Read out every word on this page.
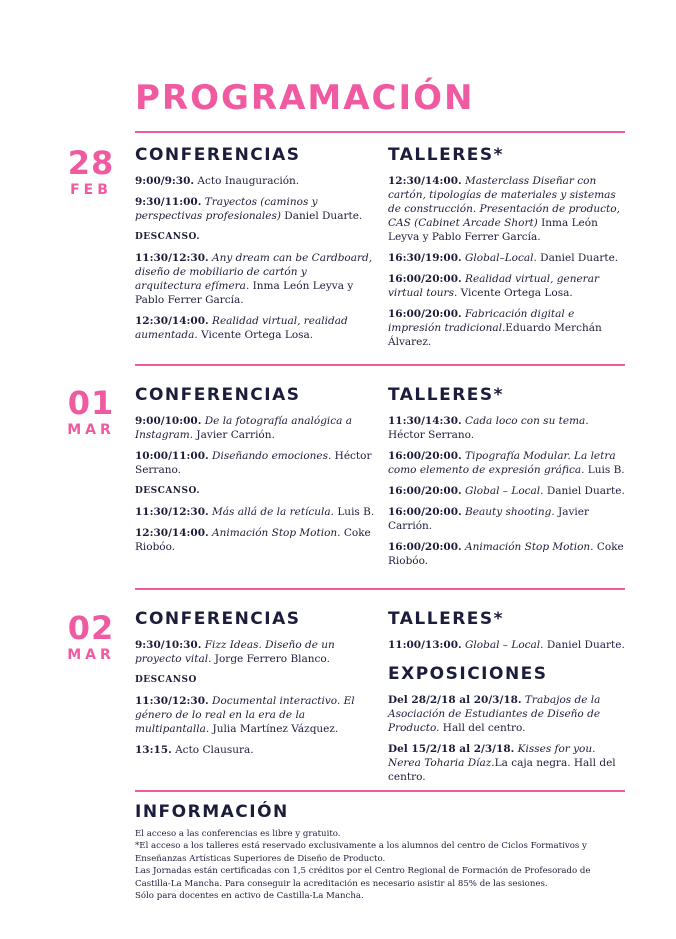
PROGRAMACIÓN
28
FEB
CONFERENCIAS
9:00/9:30. Acto Inauguración.
9:30/11:00. Trayectos (caminos y perspectivas profesionales) Daniel Duarte.
DESCANSO.
11:30/12:30. Any dream can be Cardboard, diseño de mobiliario de cartón y arquitectura efímera. Inma León Leyva y Pablo Ferrer García.
12:30/14:00. Realidad virtual, realidad aumentada. Vicente Ortega Losa.
TALLERES*
12:30/14:00. Masterclass Diseñar con cartón, tipologías de materiales y sistemas de construcción. Presentación de producto, CAS (Cabinet Arcade Short) Inma León Leyva y Pablo Ferrer García.
16:30/19:00. Global–Local. Daniel Duarte.
16:00/20:00. Realidad virtual, generar virtual tours. Vicente Ortega Losa.
16:00/20:00. Fabricación digital e impresión tradicional.Eduardo Merchán Álvarez.
01
MAR
CONFERENCIAS
9:00/10:00. De la fotografía analógica a Instagram. Javier Carrión.
10:00/11:00. Diseñando emociones. Héctor Serrano.
DESCANSO.
11:30/12:30. Más allá de la retícula. Luis B.
12:30/14:00. Animación Stop Motion. Coke Riobóo.
TALLERES*
11:30/14:30. Cada loco con su tema. Héctor Serrano.
16:00/20:00. Tipografía Modular. La letra como elemento de expresión gráfica. Luis B.
16:00/20:00. Global – Local. Daniel Duarte.
16:00/20:00. Beauty shooting. Javier Carrión.
16:00/20:00. Animación Stop Motion. Coke Riobóo.
02
MAR
CONFERENCIAS
9:30/10:30. Fizz Ideas. Diseño de un proyecto vital. Jorge Ferrero Blanco.
DESCANSO
11:30/12:30. Documental interactivo. El género de lo real en la era de la multipantalla. Julia Martínez Vázquez.
13:15. Acto Clausura.
TALLERES*
11:00/13:00. Global – Local. Daniel Duarte.
EXPOSICIONES
Del 28/2/18 al 20/3/18. Trabajos de la Asociación de Estudiantes de Diseño de Producto. Hall del centro.
Del 15/2/18 al 2/3/18. Kisses for you. Nerea Toharia Díaz.La caja negra. Hall del centro.
INFORMACIÓN

El acceso a las conferencias es libre y gratuito.

*El acceso a los talleres está reservado exclusivamente a los alumnos del centro de Ciclos Formativos y Enseñanzas Artísticas Superiores de Diseño de Producto.

Las Jornadas están certificadas con 1,5 créditos por el Centro Regional de Formación de Profesorado de Castilla-La Mancha. Para conseguir la acreditación es necesario asistir al 85% de las sesiones.

Sólo para docentes en activo de Castilla-La Mancha.
